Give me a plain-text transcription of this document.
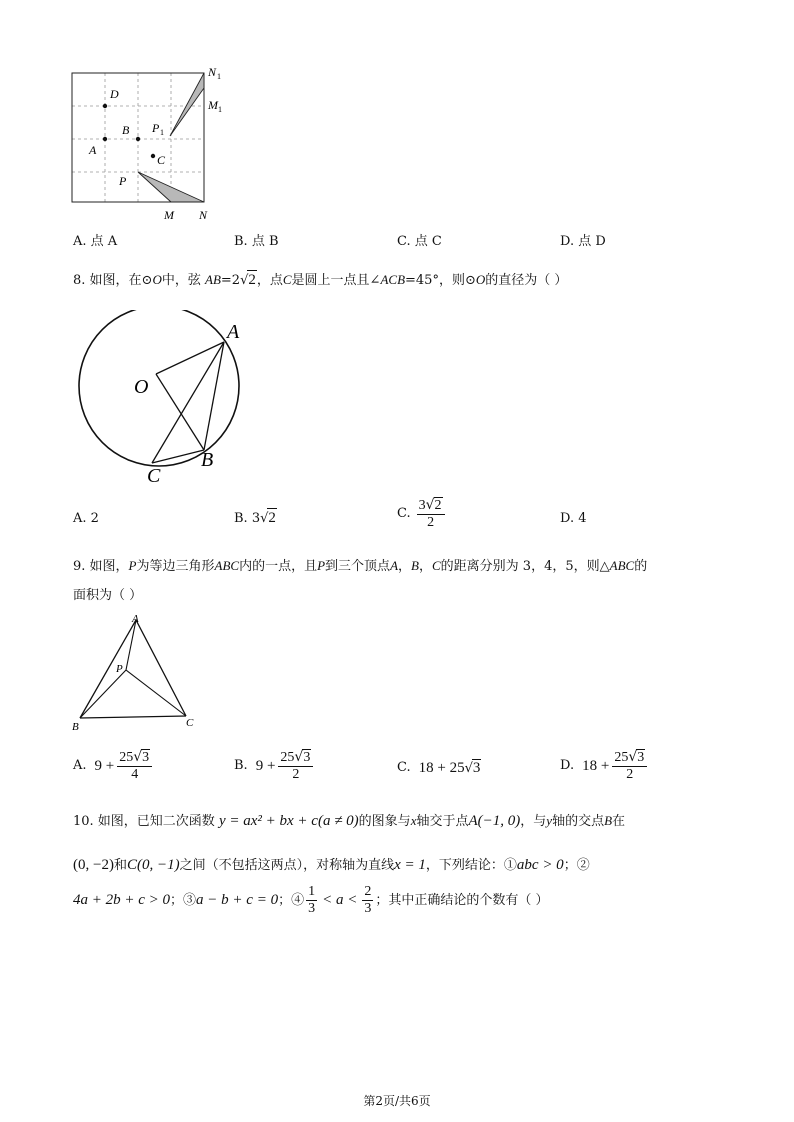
D
B
A
C
P 1
P
M N
N 1
M 1
A. 点 A	B. 点 B	C. 点 C	D. 点 D
8. 如图，在⊙O中，弦 AB=2√2，点C是圆上一点且∠ACB=45°，则⊙O的直径为（ ）
A
O
B
C
A. 2	B. 3√2	C. $\frac{3√2}{2}$	D. 4
9. 如图，P为等边三角形ABC内的一点，且P到三个顶点A，B，C的距离分别为 3，4，5，则△ABC的
面积为（ ）
A
P
B	C
A. $9 + \frac{25√3}{4}$	B. $9 + \frac{25√3}{2}$	C. 18 + 25 √ 3	D. $18 + \frac{25√3}{2}$
10. 如图，已知二次函数 y = ax² + bx + c(a ≠ 0)的图象与x轴交于点A(−1, 0)，与y轴的交点B在
(0, −2)和C(0, −1)之间（不包括这两点），对称轴为直线x = 1，下列结论：①abc > 0；②
4a + 2b + c > 0 ；③ a − b + c = 0 ；④ $\frac{1}{3} < a < \frac{2}{3}$ ；其中正确结论的个数有（ ）
第2页/共6页
